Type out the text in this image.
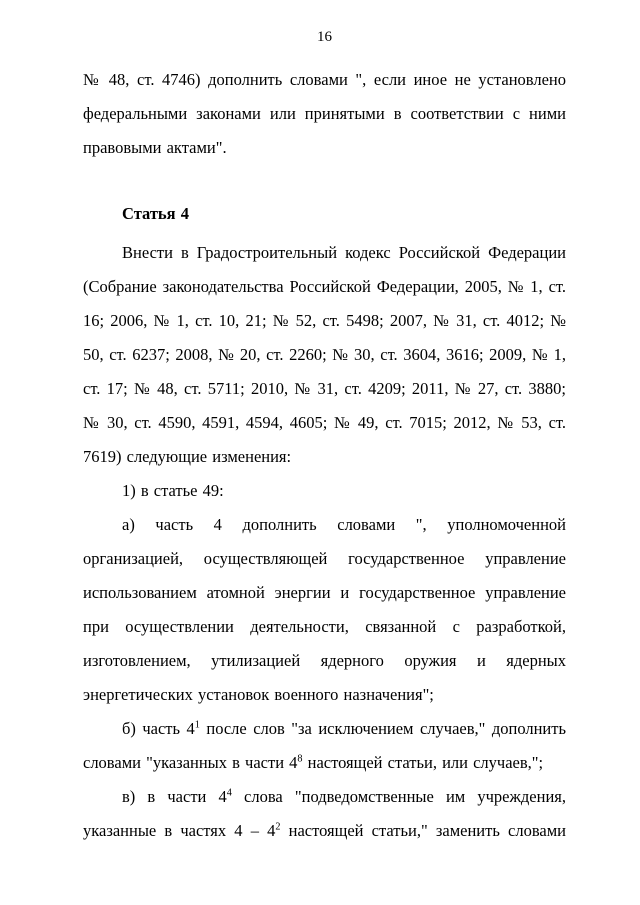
16

№ 48, ст. 4746) дополнить словами ", если иное не установлено федеральными законами или принятыми в соответствии с ними правовыми актами".

Статья 4

Внести в Градостроительный кодекс Российской Федерации (Собрание законодательства Российской Федерации, 2005, № 1, ст. 16; 2006, № 1, ст. 10, 21; № 52, ст. 5498; 2007, № 31, ст. 4012; № 50, ст. 6237; 2008, № 20, ст. 2260; № 30, ст. 3604, 3616; 2009, № 1, ст. 17; № 48, ст. 5711; 2010, № 31, ст. 4209; 2011, № 27, ст. 3880; № 30, ст. 4590, 4591, 4594, 4605; № 49, ст. 7015; 2012, № 53, ст. 7619) следующие изменения:

1) в статье 49:

а) часть 4 дополнить словами ", уполномоченной организацией, осуществляющей государственное управление использованием атомной энергии и государственное управление при осуществлении деятельности, связанной с разработкой, изготовлением, утилизацией ядерного оружия и ядерных энергетических установок военного назначения";

б) часть $4^1$ после слов "за исключением случаев," дополнить словами "указанных в части $4^8$ настоящей статьи, или случаев,";

в) в части $4^4$ слова "подведомственные им учреждения, указанные в частях $4 - 4^2$ настоящей статьи," заменить словами
